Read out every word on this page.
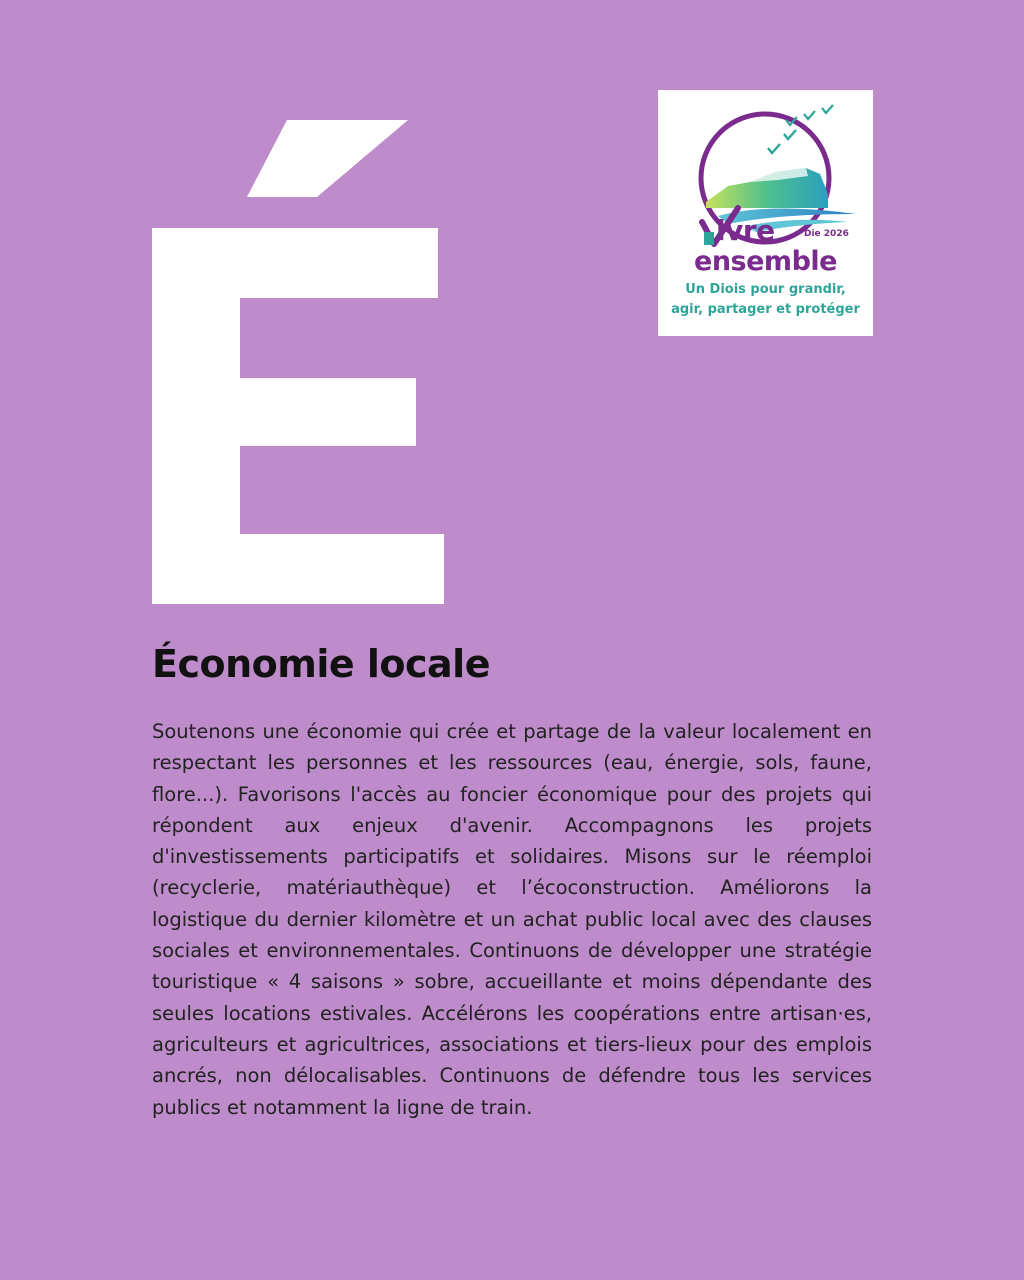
ivre	Die 2026
ensemble
Un Diois pour grandir,
agir, partager et protéger
Économie locale

Soutenons une économie qui crée et partage de la valeur localement en respectant les personnes et les ressources (eau, énergie, sols, faune, flore...). Favorisons l'accès au foncier économique pour des projets qui répondent aux enjeux d'avenir. Accompagnons les projets d'investissements participatifs et solidaires. Misons sur le réemploi (recyclerie, matériauthèque) et l’écoconstruction. Améliorons la logistique du dernier kilomètre et un achat public local avec des clauses sociales et environnementales. Continuons de développer une stratégie touristique « 4 saisons » sobre, accueillante et moins dépendante des seules locations estivales. Accélérons les coopérations entre artisan·es, agriculteurs et agricultrices, associations et tiers-lieux pour des emplois ancrés, non délocalisables. Continuons de défendre tous les services publics et notamment la ligne de train.
